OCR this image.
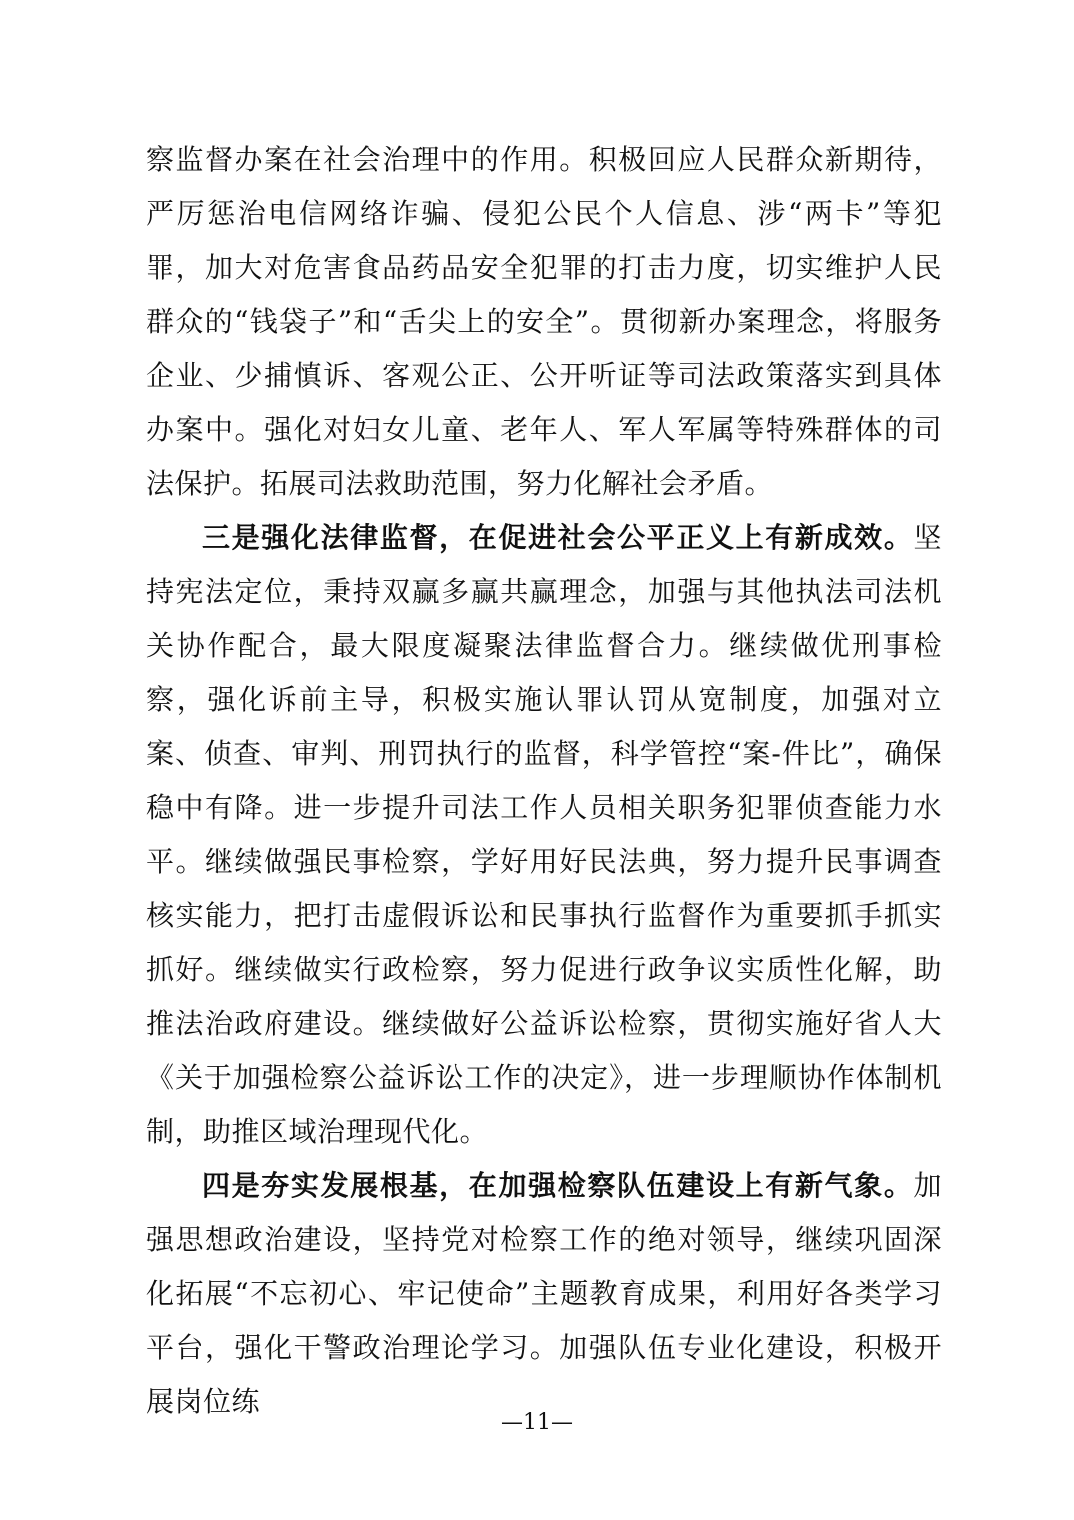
察监督办案在社会治理中的作用。积极回应人民群众新期待，严厉惩治电信网络诈骗、侵犯公民个人信息、涉“两卡”等犯罪，加大对危害食品药品安全犯罪的打击力度，切实维护人民群众的“钱袋子”和“舌尖上的安全”。贯彻新办案理念，将服务企业、少捕慎诉、客观公正、公开听证等司法政策落实到具体办案中。强化对妇女儿童、老年人、军人军属等特殊群体的司法保护。拓展司法救助范围，努力化解社会矛盾。

三是强化法律监督，在促进社会公平正义上有新成效。坚持宪法定位，秉持双赢多赢共赢理念，加强与其他执法司法机关协作配合，最大限度凝聚法律监督合力。继续做优刑事检察，强化诉前主导，积极实施认罪认罚从宽制度，加强对立案、侦查、审判、刑罚执行的监督，科学管控“案-件比”，确保稳中有降。进一步提升司法工作人员相关职务犯罪侦查能力水平。继续做强民事检察，学好用好民法典，努力提升民事调查核实能力，把打击虚假诉讼和民事执行监督作为重要抓手抓实抓好。继续做实行政检察，努力促进行政争议实质性化解，助推法治政府建设。继续做好公益诉讼检察，贯彻实施好省人大《关于加强检察公益诉讼工作的决定》，进一步理顺协作体制机制，助推区域治理现代化。

四是夯实发展根基，在加强检察队伍建设上有新气象。加强思想政治建设，坚持党对检察工作的绝对领导，继续巩固深化拓展“不忘初心、牢记使命”主题教育成果，利用好各类学习平台，强化干警政治理论学习。加强队伍专业化建设，积极开展岗位练

—11—
